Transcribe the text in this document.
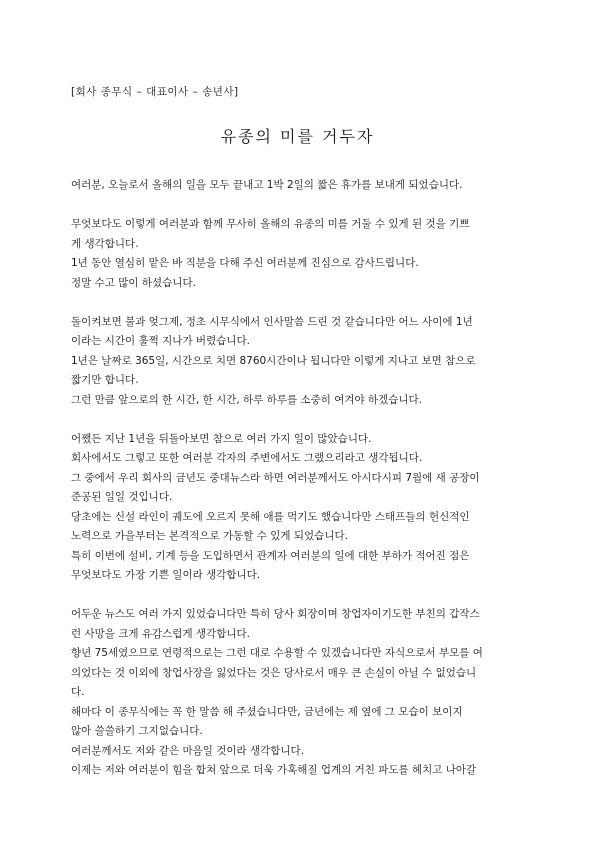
[회사 종무식 – 대표이사 – 송년사]
유종의 미를 거두자
여러분, 오늘로서 올해의 일을 모두 끝내고 1박 2일의 짧은 휴가를 보내게 되었습니다.
무엇보다도 이렇게 여러분과 함께 무사히 올해의 유종의 미를 거둘 수 있게 된 것을 기쁘
게 생각합니다.
1년 동안 열심히 맡은 바 직분을 다해 주신 여러분께 진심으로 감사드립니다.
정말 수고 많이 하셨습니다.
돌이켜보면 불과 엊그제, 정초 시무식에서 인사말씀 드린 것 같습니다만 어느 사이에 1년
이라는 시간이 훌쩍 지나가 버렸습니다.
1년은 날짜로 365일, 시간으로 치면 8760시간이나 됩니다만 이렇게 지나고 보면 참으로
짧기만 합니다.
그런 만큼 앞으로의 한 시간, 한 시간, 하루 하루를 소중히 여겨야 하겠습니다.
어쨌든 지난 1년을 뒤돌아보면 참으로 여러 가지 일이 많았습니다.
회사에서도 그렇고 또한 여러분 각자의 주변에서도 그랬으리라고 생각됩니다.
그 중에서 우리 회사의 금년도 중대뉴스라 하면 여러분께서도 아시다시피 7월에 새 공장이
준공된 일일 것입니다.
당초에는 신설 라인이 궤도에 오르지 못해 애를 먹기도 했습니다만 스태프들의 헌신적인
노력으로 가을부터는 본격적으로 가동할 수 있게 되었습니다.
특히 이번에 설비, 기계 등을 도입하면서 관계자 여러분의 일에 대한 부하가 적어진 점은
무엇보다도 가장 기쁜 일이라 생각합니다.
어두운 뉴스도 여러 가지 있었습니다만 특히 당사 회장이며 창업자이기도한 부친의 갑작스
런 사망을 크게 유감스럽게 생각합니다.
향년 75세였으므로 연령적으로는 그런 대로 수용할 수 있겠습니다만 자식으로서 부모를 여
의었다는 것 이외에 창업사장을 잃었다는 것은 당사로서 매우 큰 손실이 아닐 수 없었습니
다.
해마다 이 종무식에는 꼭 한 말씀 해 주셨습니다만, 금년에는 제 옆에 그 모습이 보이지
않아 쓸쓸하기 그지없습니다.
여러분께서도 저와 같은 마음일 것이라 생각합니다.
이제는 저와 여러분이 힘을 합쳐 앞으로 더욱 가혹해질 업계의 거친 파도를 헤치고 나아갈
